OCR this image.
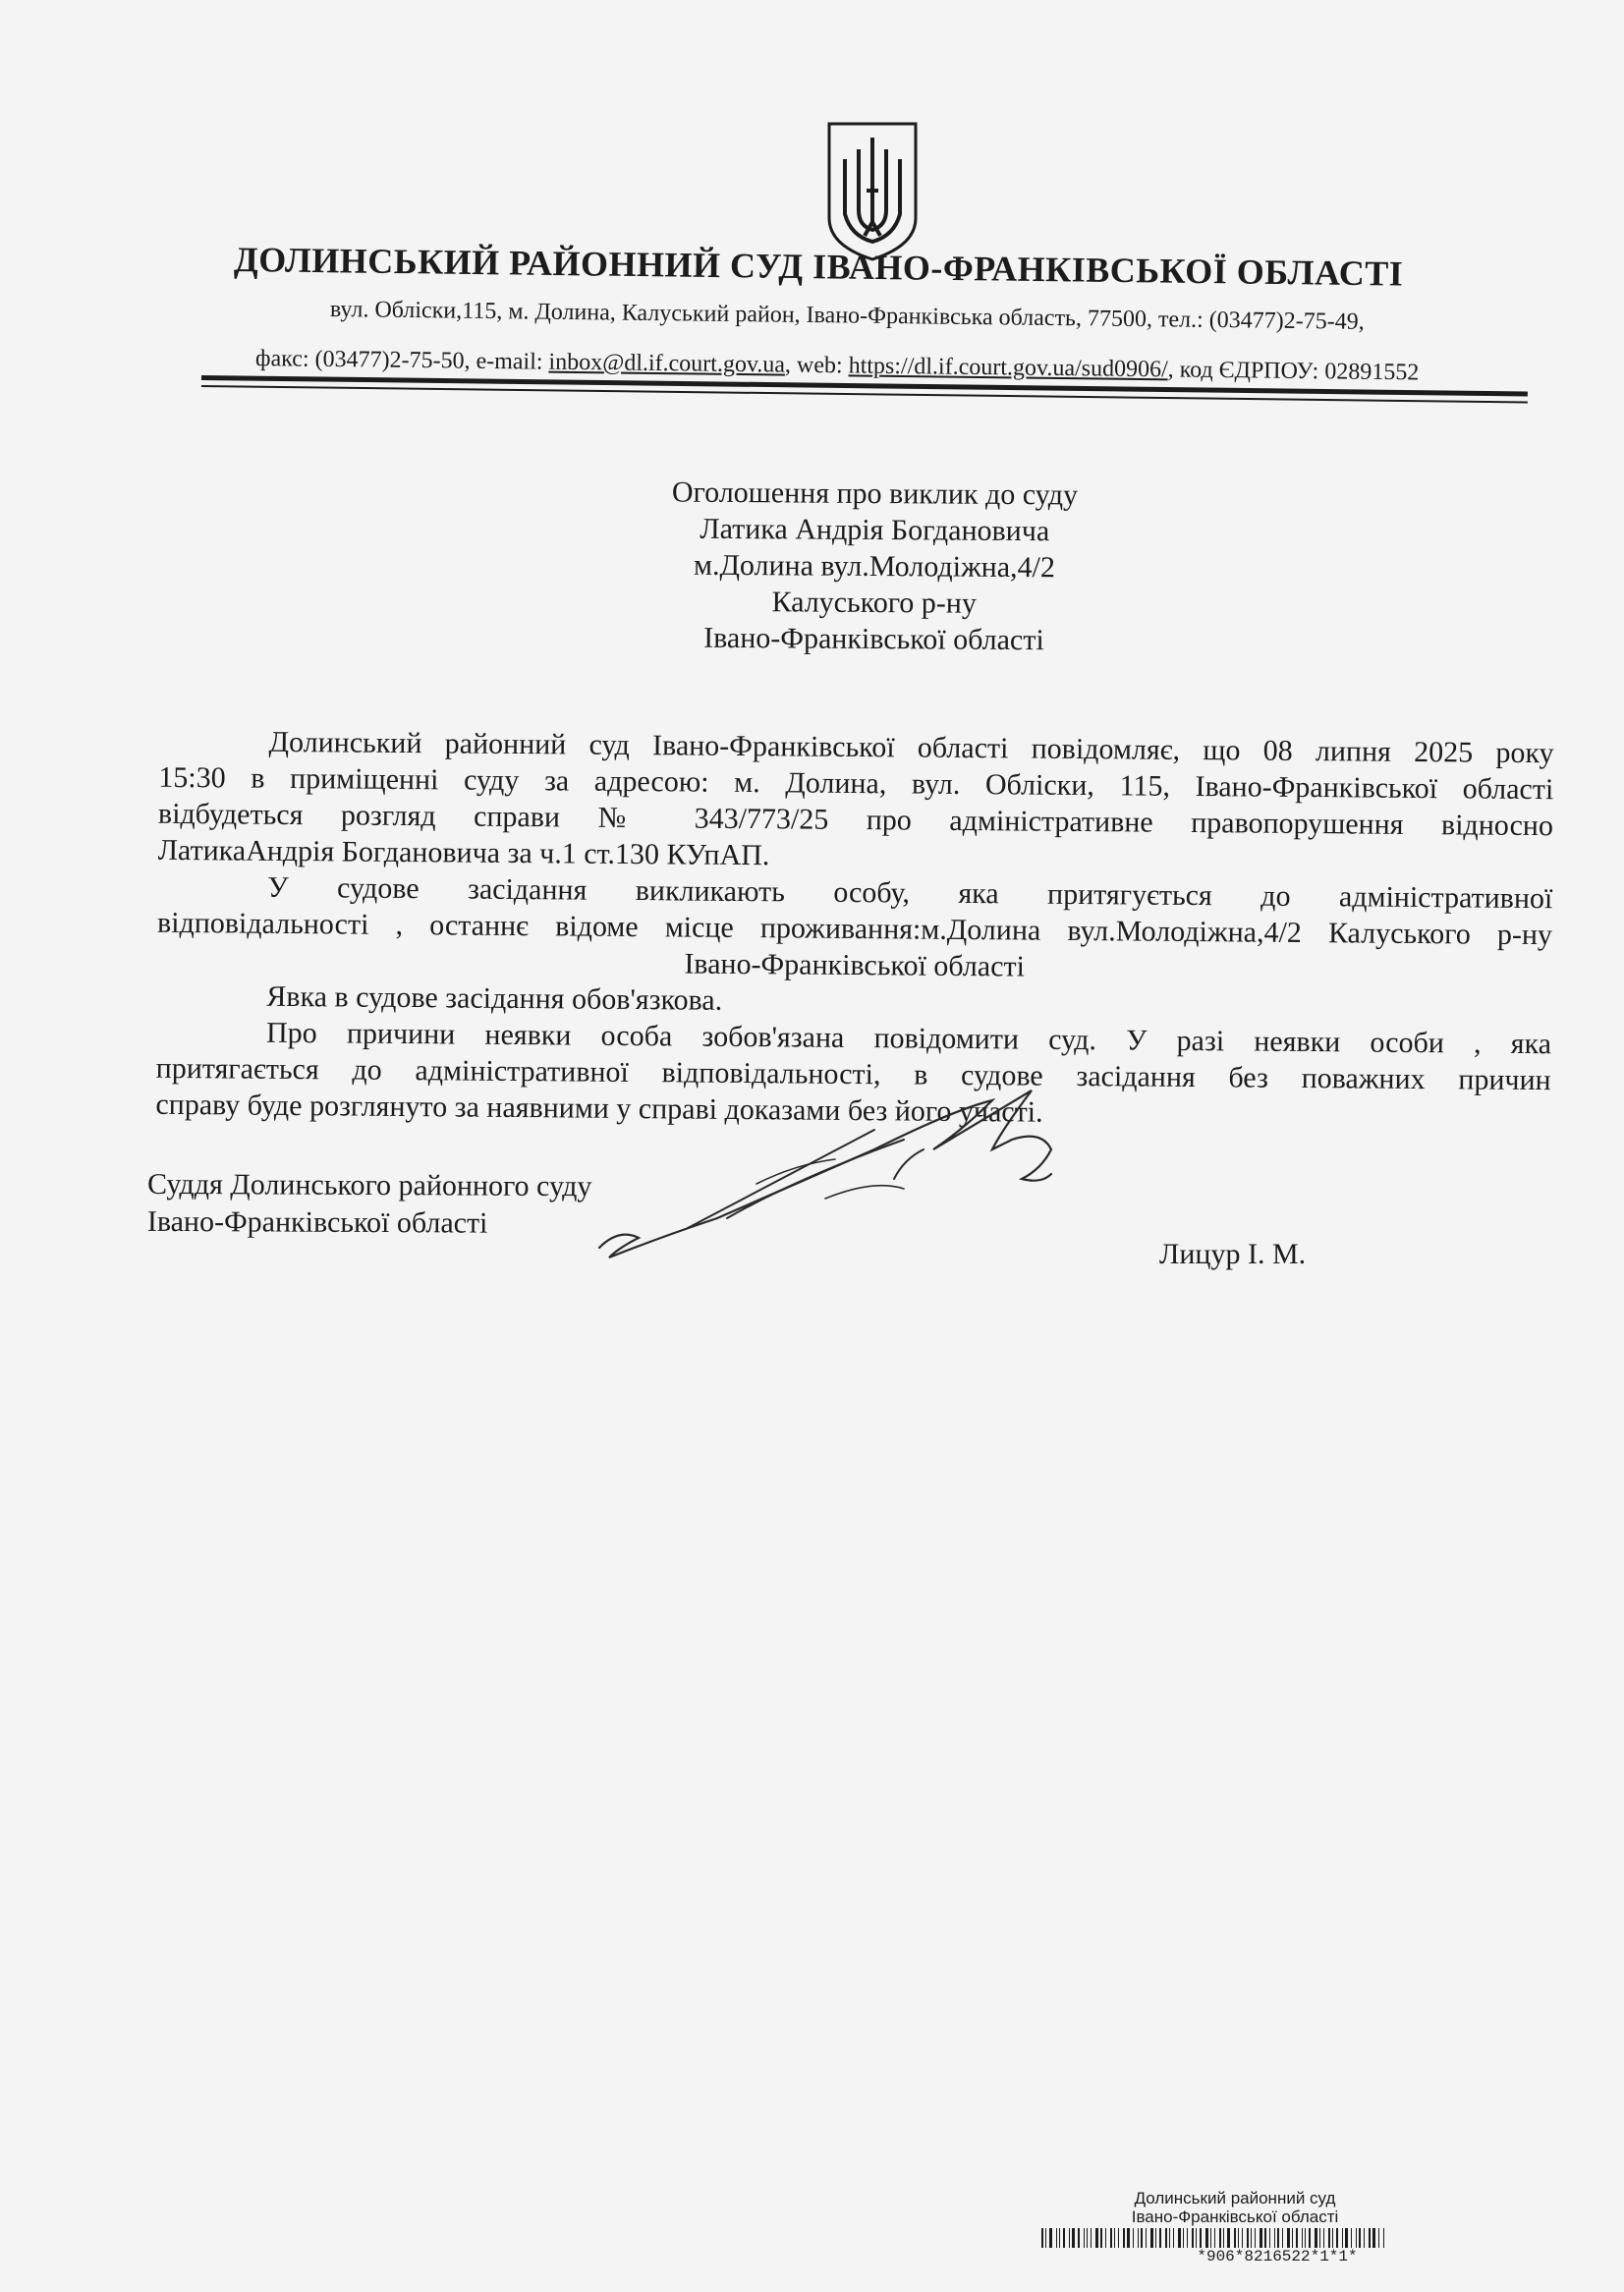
ДОЛИНСЬКИЙ РАЙОННИЙ СУД ІВАНО-ФРАНКІВСЬКОЇ ОБЛАСТІ
вул. Обліски,115, м. Долина, Калуський район, Івано-Франківська область, 77500, тел.: (03477)2-75-49,
факс: (03477)2-75-50, e-mail: inbox@dl.if.court.gov.ua, web: https://dl.if.court.gov.ua/sud0906/, код ЄДРПОУ: 02891552
Оголошення про виклик до суду
Латика Андрія Богдановича
м.Долина вул.Молодіжна,4/2
Калуського р-ну
Івано-Франківської області
Долинський районний суд Івано-Франківської області повідомляє, що 08 липня 2025 року
15:30 в приміщенні суду за адресою: м. Долина, вул. Обліски, 115, Івано-Франківської області
відбудеться розгляд справи № 343/773/25 про адміністративне правопорушення відносно
ЛатикаАндрія Богдановича за ч.1 ст.130 КУпАП.
У судове засідання викликають особу, яка притягується до адміністративної
відповідальності , останнє відоме місце проживання:м.Долина вул.Молодіжна,4/2 Калуського р-ну
Івано-Франківської області
Явка в судове засідання обов'язкова.
Про причини неявки особа зобов'язана повідомити суд. У разі неявки особи , яка
притягається до адміністративної відповідальності, в судове засідання без поважних причин
справу буде розглянуто за наявними у справі доказами без його участі.
Суддя Долинського районного суду
Івано-Франківської області
Лицур І. М.
Долинський районний суд
Івано-Франківської області
*906*8216522*1*1*
